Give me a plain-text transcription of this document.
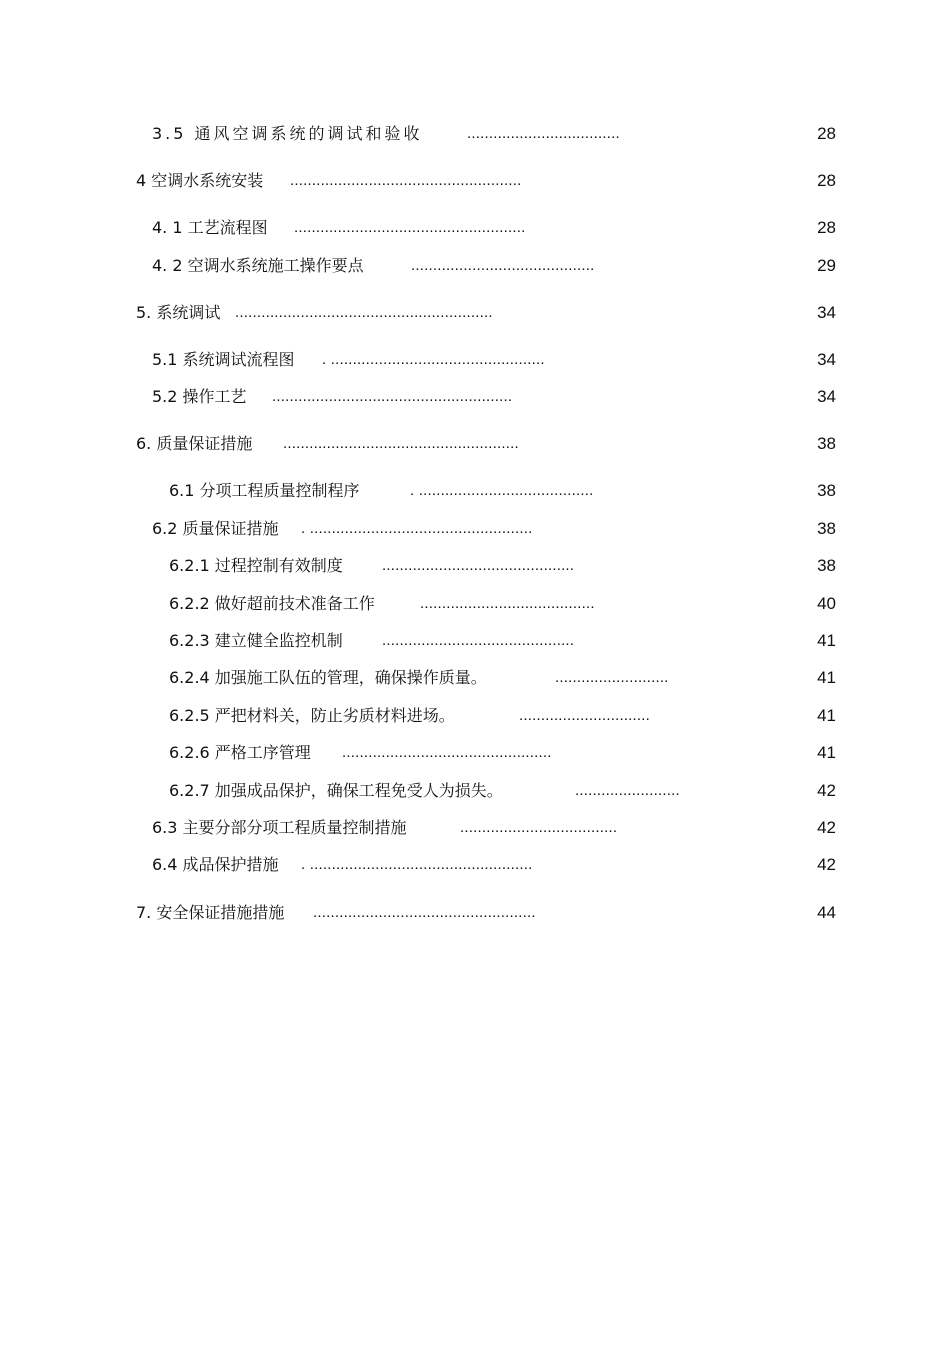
3.5 通风空调系统的调试和验收	...................................	28
4 空调水系统安装 .....................................................	28
4. 1 工艺流程图 .....................................................	28
4. 2 空调水系统施工操作要点	..........................................	29
5. 系统调试 ...........................................................	34
5.1 系统调试流程图 . .................................................	34
5.2 操作工艺 .......................................................	34
6. 质量保证措施 ......................................................	38
6.1 分项工程质量控制程序	. ........................................	38
6.2 质量保证措施 . ...................................................	38
6.2.1 过程控制有效制度	............................................	38
6.2.2 做好超前技术准备工作	........................................	40
6.2.3 建立健全监控机制	............................................	41
6.2.4 加强施工队伍的管理，确保操作质量。	..........................	41
6.2.5 严把材料关，防止劣质材料进场。	..............................	41
6.2.6 严格工序管理 ................................................	41
6.2.7 加强成品保护，确保工程免受人为损失。	........................	42
6.3 主要分部分项工程质量控制措施	....................................	42
6.4 成品保护措施 . ...................................................	42
7. 安全保证措施措施 ...................................................	44
